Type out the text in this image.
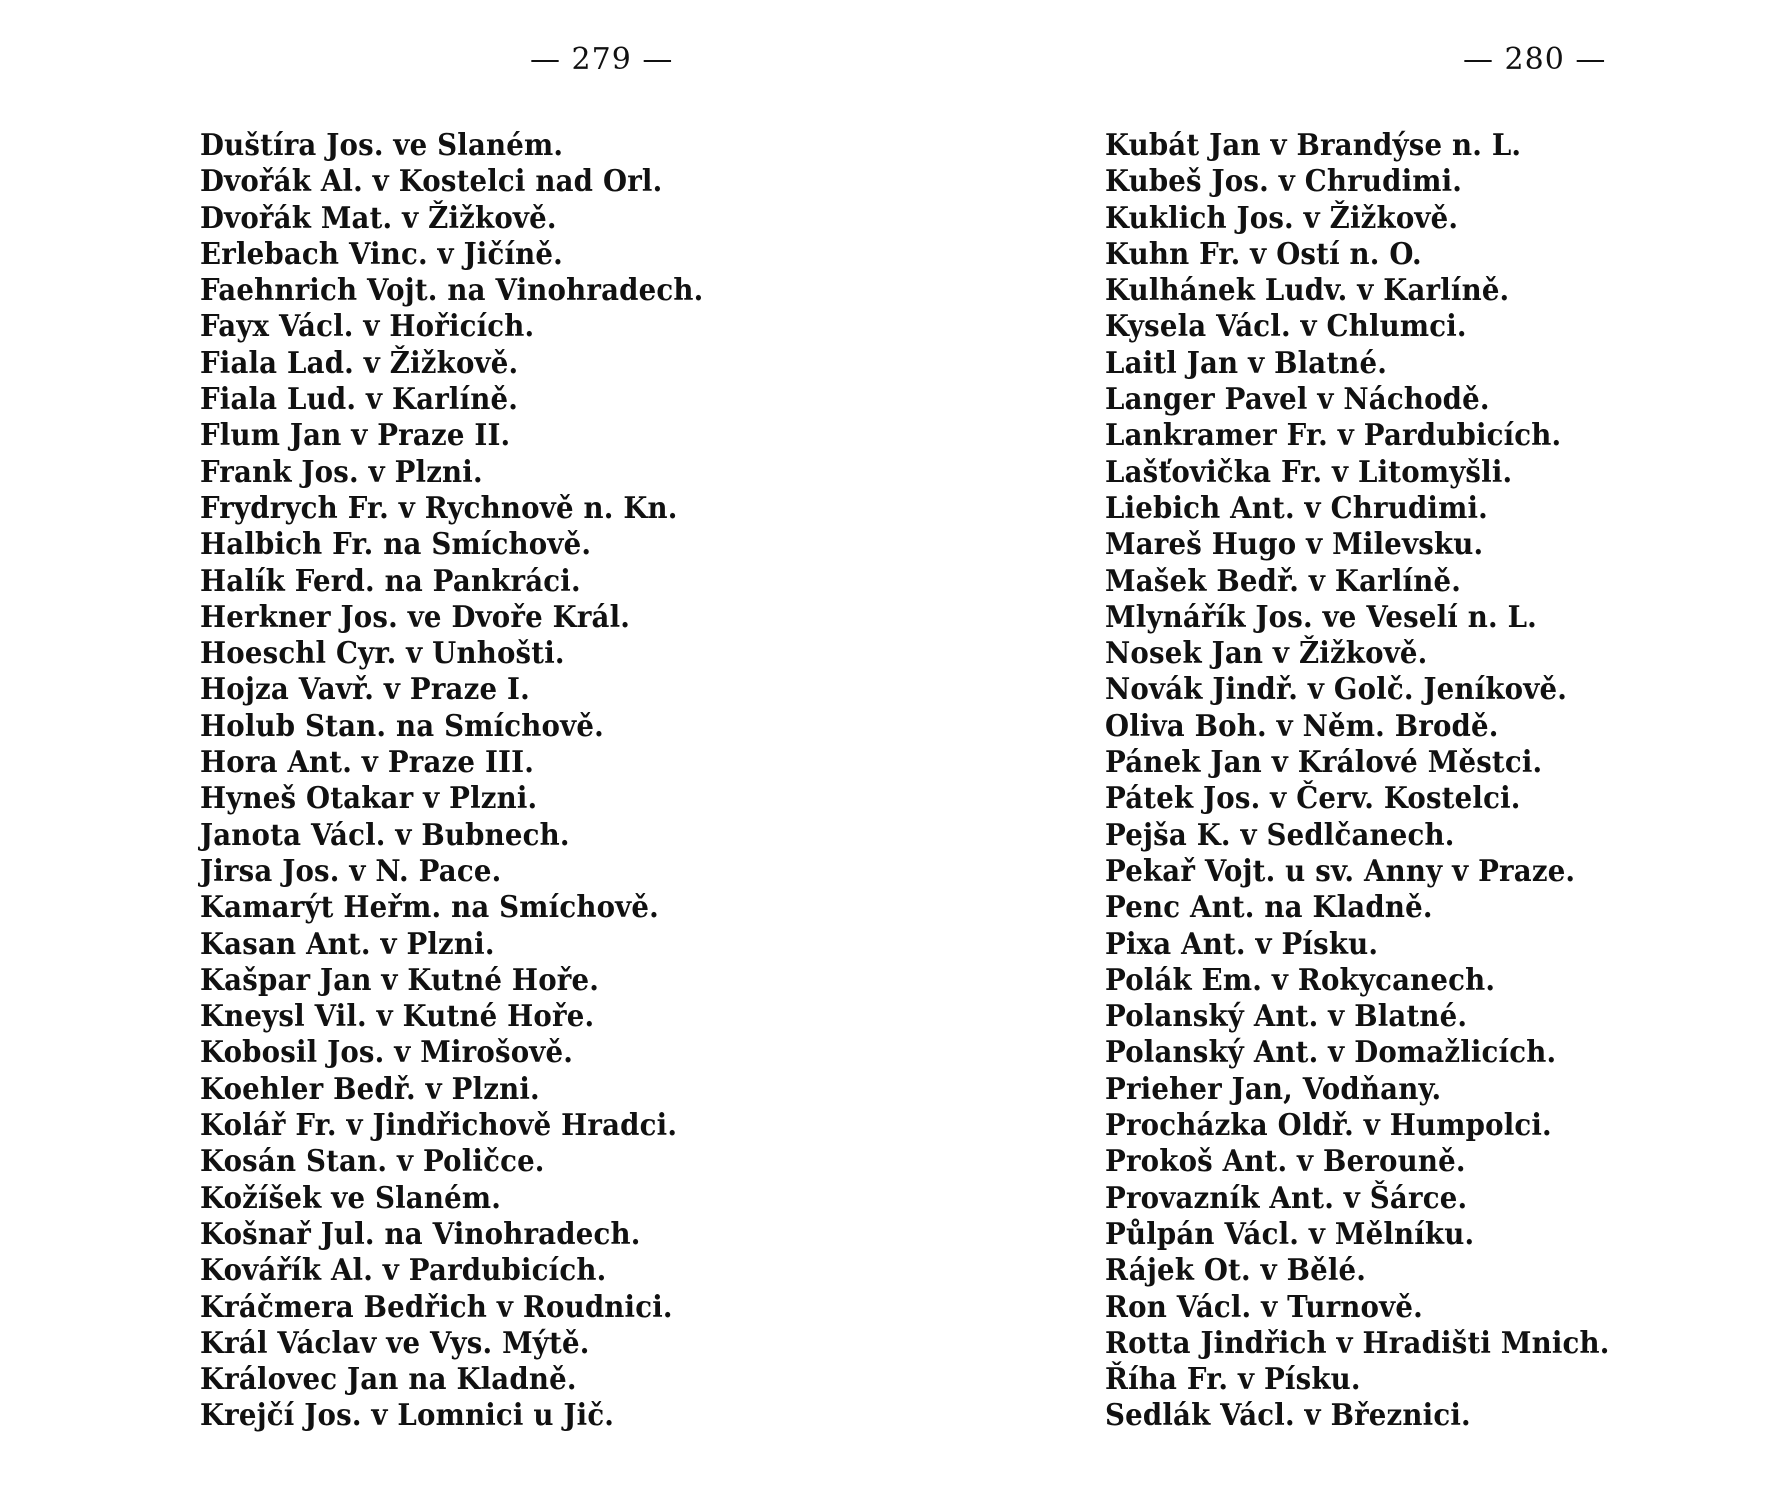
— 279 —
Duštíra Jos. ve Slaném.
Dvořák Al. v Kostelci nad Orl.
Dvořák Mat. v Žižkově.
Erlebach Vinc. v Jičíně.
Faehnrich Vojt. na Vinohradech.
Fayx Václ. v Hořicích.
Fiala Lad. v Žižkově.
Fiala Lud. v Karlíně.
Flum Jan v Praze II.
Frank Jos. v Plzni.
Frydrych Fr. v Rychnově n. Kn.
Halbich Fr. na Smíchově.
Halík Ferd. na Pankráci.
Herkner Jos. ve Dvoře Král.
Hoeschl Cyr. v Unhošti.
Hojza Vavř. v Praze I.
Holub Stan. na Smíchově.
Hora Ant. v Praze III.
Hyneš Otakar v Plzni.
Janota Václ. v Bubnech.
Jirsa Jos. v N. Pace.
Kamarýt Heřm. na Smíchově.
Kasan Ant. v Plzni.
Kašpar Jan v Kutné Hoře.
Kneysl Vil. v Kutné Hoře.
Kobosil Jos. v Mirošově.
Koehler Bedř. v Plzni.
Kolář Fr. v Jindřichově Hradci.
Kosán Stan. v Poličce.
Kožíšek ve Slaném.
Košnař Jul. na Vinohradech.
Kovářík Al. v Pardubicích.
Kráčmera Bedřich v Roudnici.
Král Václav ve Vys. Mýtě.
Královec Jan na Kladně.
Krejčí Jos. v Lomnici u Jič.
— 280 —
Kubát Jan v Brandýse n. L.
Kubeš Jos. v Chrudimi.
Kuklich Jos. v Žižkově.
Kuhn Fr. v Ostí n. O.
Kulhánek Ludv. v Karlíně.
Kysela Václ. v Chlumci.
Laitl Jan v Blatné.
Langer Pavel v Náchodě.
Lankramer Fr. v Pardubicích.
Lašťovička Fr. v Litomyšli.
Liebich Ant. v Chrudimi.
Mareš Hugo v Milevsku.
Mašek Bedř. v Karlíně.
Mlynářík Jos. ve Veselí n. L.
Nosek Jan v Žižkově.
Novák Jindř. v Golč. Jeníkově.
Oliva Boh. v Něm. Brodě.
Pánek Jan v Králové Městci.
Pátek Jos. v Červ. Kostelci.
Pejša K. v Sedlčanech.
Pekař Vojt. u sv. Anny v Praze.
Penc Ant. na Kladně.
Pixa Ant. v Písku.
Polák Em. v Rokycanech.
Polanský Ant. v Blatné.
Polanský Ant. v Domažlicích.
Prieher Jan, Vodňany.
Procházka Oldř. v Humpolci.
Prokoš Ant. v Berouně.
Provazník Ant. v Šárce.
Půlpán Václ. v Mělníku.
Rájek Ot. v Bělé.
Ron Václ. v Turnově.
Rotta Jindřich v Hradišti Mnich.
Říha Fr. v Písku.
Sedlák Václ. v Březnici.
